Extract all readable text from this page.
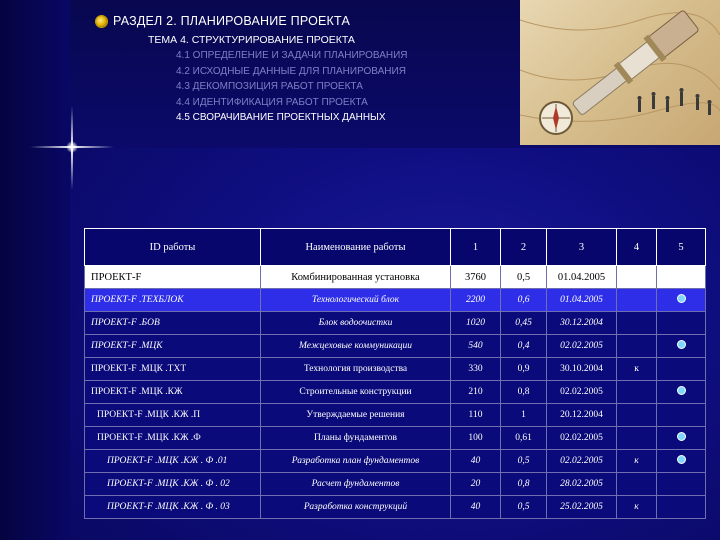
РАЗДЕЛ 2. ПЛАНИРОВАНИЕ ПРОЕКТА
ТЕМА 4. СТРУКТУРИРОВАНИЕ ПРОЕКТА
4.1 ОПРЕДЕЛЕНИЕ И ЗАДАЧИ ПЛАНИРОВАНИЯ
4.2 ИСХОДНЫЕ ДАННЫЕ ДЛЯ ПЛАНИРОВАНИЯ
4.3 ДЕКОМПОЗИЦИЯ РАБОТ ПРОЕКТА
4.4 ИДЕНТИФИКАЦИЯ РАБОТ ПРОЕКТА
4.5 СВОРАЧИВАНИЕ ПРОЕКТНЫХ ДАННЫХ
ID работы	Наименование работы	1	2	3	4	5
ПРОЕКТ-F	Комбинированная установка	3760	0,5	01.04.2005		
ПРОЕКТ-F .ТЕХБЛОК	Технологический блок	2200	0,6	01.04.2005		
ПРОЕКТ-F .БОВ	Блок водоочистки	1020	0,45	30.12.2004		
ПРОЕКТ-F .МЦК	Межцеховые коммуникации	540	0,4	02.02.2005		
ПРОЕКТ-F .МЦК .ТХТ	Технология производства	330	0,9	30.10.2004	к	
ПРОЕКТ-F .МЦК .КЖ	Строительные конструкции	210	0,8	02.02.2005		
ПРОЕКТ-F .МЦК .КЖ .П	Утверждаемые решения	110	1	20.12.2004		
ПРОЕКТ-F .МЦК .КЖ .Ф	Планы фундаментов	100	0,61	02.02.2005		
ПРОЕКТ-F .МЦК .КЖ . Ф .01	Разработка план фундаментов	40	0,5	02.02.2005	к	
ПРОЕКТ-F .МЦК .КЖ . Ф . 02	Расчет фундаментов	20	0,8	28.02.2005		
ПРОЕКТ-F .МЦК .КЖ . Ф . 03	Разработка конструкций	40	0,5	25.02.2005	к	
